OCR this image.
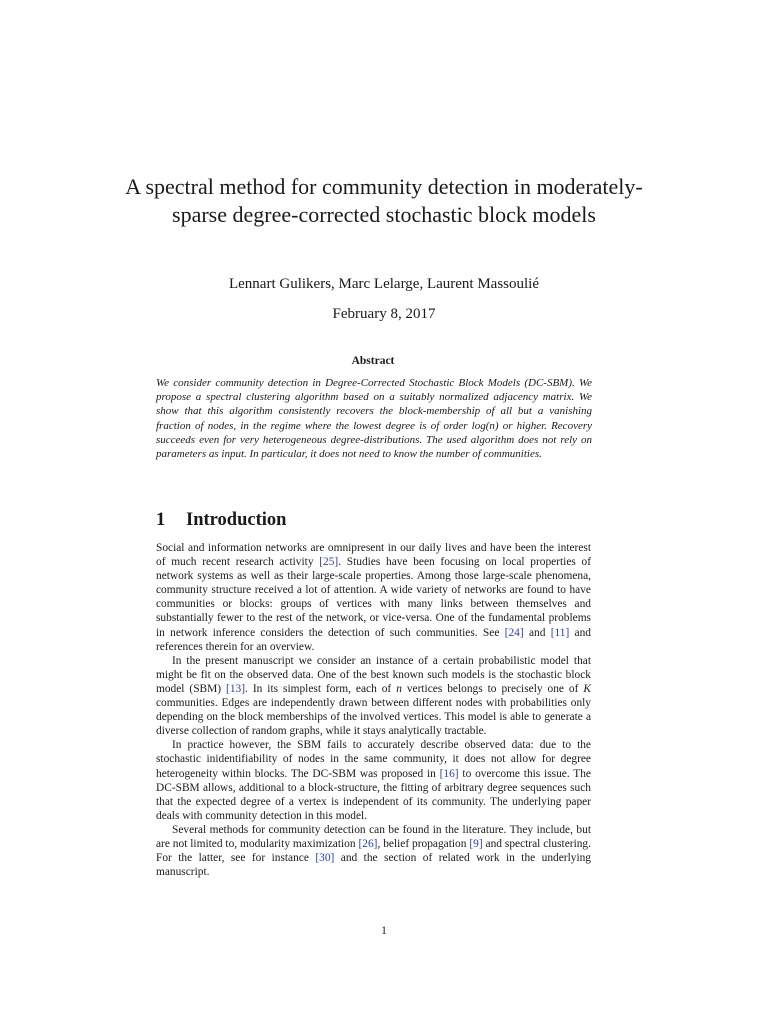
A spectral method for community detection in moderately-sparse degree-corrected stochastic block models
Lennart Gulikers, Marc Lelarge, Laurent Massoulié
February 8, 2017
Abstract
We consider community detection in Degree-Corrected Stochastic Block Models (DC-SBM). We propose a spectral clustering algorithm based on a suitably normalized adjacency matrix. We show that this algorithm consistently recovers the block-membership of all but a vanishing fraction of nodes, in the regime where the lowest degree is of order log(n) or higher. Recovery succeeds even for very heterogeneous degree-distributions. The used algorithm does not rely on parameters as input. In particular, it does not need to know the number of communities.
1 Introduction

Social and information networks are omnipresent in our daily lives and have been the interest of much recent research activity [25]. Studies have been focusing on local properties of network systems as well as their large-scale properties. Among those large-scale phenomena, community structure received a lot of attention. A wide variety of networks are found to have communities or blocks: groups of vertices with many links between themselves and substantially fewer to the rest of the network, or vice-versa. One of the fundamental problems in network inference considers the detection of such communities. See [24] and [11] and references therein for an overview.

In the present manuscript we consider an instance of a certain probabilistic model that might be fit on the observed data. One of the best known such models is the stochastic block model (SBM) [13]. In its simplest form, each of n vertices belongs to precisely one of K communities. Edges are independently drawn between different nodes with probabilities only depending on the block memberships of the involved vertices. This model is able to generate a diverse collection of random graphs, while it stays analytically tractable.

In practice however, the SBM fails to accurately describe observed data: due to the stochastic inidentifiability of nodes in the same community, it does not allow for degree heterogeneity within blocks. The DC-SBM was proposed in [16] to overcome this issue. The DC-SBM allows, additional to a block-structure, the fitting of arbitrary degree sequences such that the expected degree of a vertex is independent of its community. The underlying paper deals with community detection in this model.

Several methods for community detection can be found in the literature. They include, but are not limited to, modularity maximization [26], belief propagation [9] and spectral clustering. For the latter, see for instance [30] and the section of related work in the underlying manuscript.

1
